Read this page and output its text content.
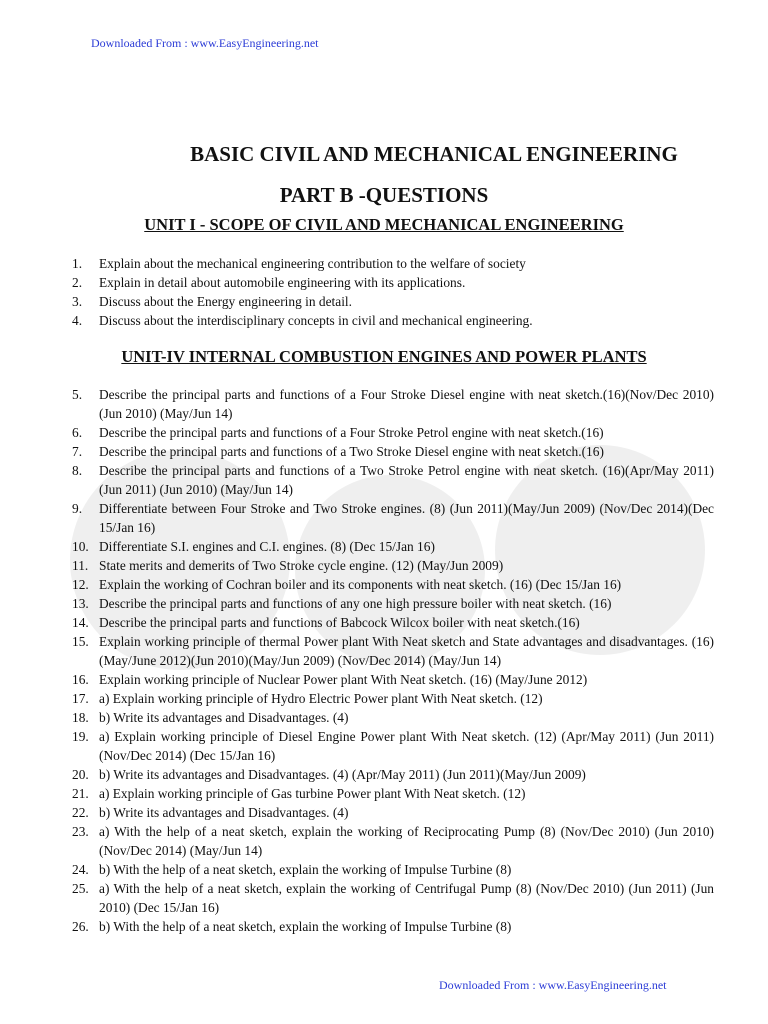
Downloaded From : www.EasyEngineering.net
BASIC CIVIL AND MECHANICAL ENGINEERING
PART B -QUESTIONS
UNIT I - SCOPE OF CIVIL AND MECHANICAL ENGINEERING
1.	Explain about the mechanical engineering contribution to the welfare of society
2.	Explain in detail about automobile engineering with its applications.
3.	Discuss about the Energy engineering in detail.
4.	Discuss about the interdisciplinary concepts in civil and mechanical engineering.
UNIT-IV INTERNAL COMBUSTION ENGINES AND POWER PLANTS
5.	Describe the principal parts and functions of a Four Stroke Diesel engine with neat sketch.(16)(Nov/Dec 2010) (Jun 2010) (May/Jun 14)
6.	Describe the principal parts and functions of a Four Stroke Petrol engine with neat sketch.(16)
7.	Describe the principal parts and functions of a Two Stroke Diesel engine with neat sketch.(16)
8.	Describe the principal parts and functions of a Two Stroke Petrol engine with neat sketch. (16)(Apr/May 2011)(Jun 2011) (Jun 2010) (May/Jun 14)
9.	Differentiate between Four Stroke and Two Stroke engines. (8) (Jun 2011)(May/Jun 2009) (Nov/Dec 2014)(Dec 15/Jan 16)
10. Differentiate S.I. engines and C.I. engines. (8) (Dec 15/Jan 16)
11. State merits and demerits of Two Stroke cycle engine. (12) (May/Jun 2009)
12. Explain the working of Cochran boiler and its components with neat sketch. (16) (Dec 15/Jan 16)
13. Describe the principal parts and functions of any one high pressure boiler with neat sketch. (16)
14. Describe the principal parts and functions of Babcock Wilcox boiler with neat sketch.(16)
15. Explain working principle of thermal Power plant With Neat sketch and State advantages and disadvantages. (16) (May/June 2012)(Jun 2010)(May/Jun 2009) (Nov/Dec 2014) (May/Jun 14)
16. Explain working principle of Nuclear Power plant With Neat sketch. (16) (May/June 2012)
17. a) Explain working principle of Hydro Electric Power plant With Neat sketch. (12)
18. b) Write its advantages and Disadvantages. (4)
19. a) Explain working principle of Diesel Engine Power plant With Neat sketch. (12) (Apr/May 2011) (Jun 2011) (Nov/Dec 2014) (Dec 15/Jan 16)
20. b) Write its advantages and Disadvantages. (4) (Apr/May 2011) (Jun 2011)(May/Jun 2009)
21. a) Explain working principle of Gas turbine Power plant With Neat sketch. (12)
22. b) Write its advantages and Disadvantages. (4)
23. a) With the help of a neat sketch, explain the working of Reciprocating Pump (8) (Nov/Dec 2010) (Jun 2010) (Nov/Dec 2014) (May/Jun 14)
24. b) With the help of a neat sketch, explain the working of Impulse Turbine (8)
25. a) With the help of a neat sketch, explain the working of Centrifugal Pump (8) (Nov/Dec 2010) (Jun 2011) (Jun 2010) (Dec 15/Jan 16)
26. b) With the help of a neat sketch, explain the working of Impulse Turbine (8)
Downloaded From : www.EasyEngineering.net
